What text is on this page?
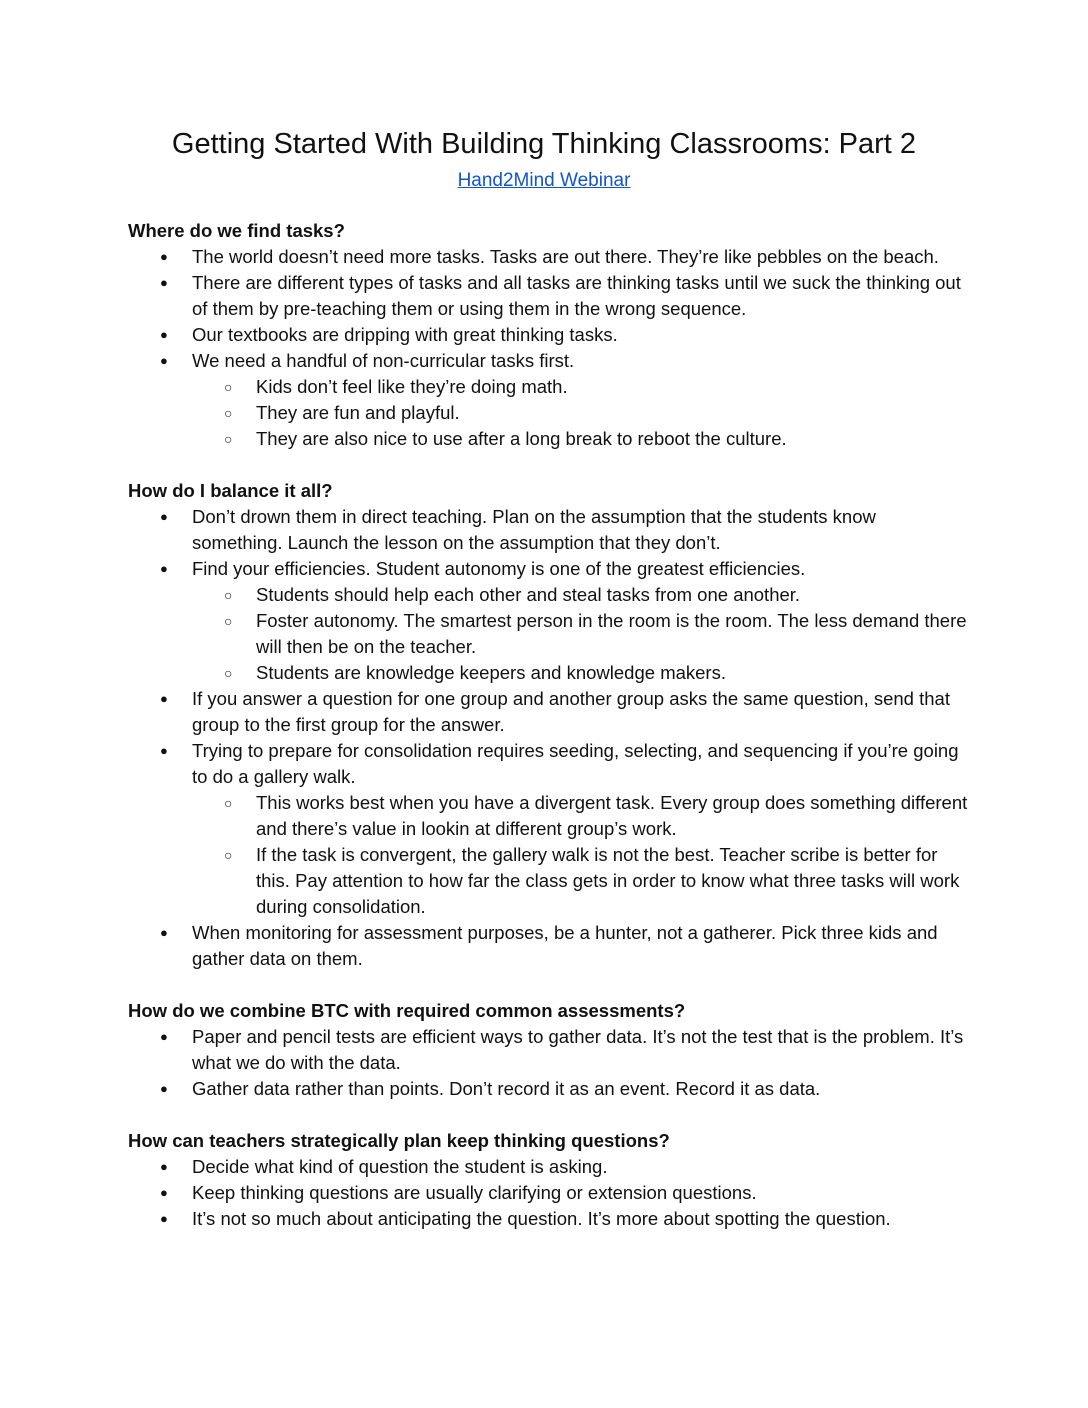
Getting Started With Building Thinking Classrooms: Part 2
Hand2Mind Webinar

Where do we find tasks?

● The world doesn’t need more tasks. Tasks are out there. They’re like pebbles on the beach.
● There are different types of tasks and all tasks are thinking tasks until we suck the thinking out of them by pre-teaching them or using them in the wrong sequence.
● Our textbooks are dripping with great thinking tasks.
● We need a handful of non-curricular tasks first.
○ Kids don’t feel like they’re doing math.
○ They are fun and playful.
○ They are also nice to use after a long break to reboot the culture.

How do I balance it all?

● Don’t drown them in direct teaching. Plan on the assumption that the students know something. Launch the lesson on the assumption that they don’t.
● Find your efficiencies. Student autonomy is one of the greatest efficiencies.
○ Students should help each other and steal tasks from one another.
○ Foster autonomy. The smartest person in the room is the room. The less demand there will then be on the teacher.
○ Students are knowledge keepers and knowledge makers.
● If you answer a question for one group and another group asks the same question, send that group to the first group for the answer.
● Trying to prepare for consolidation requires seeding, selecting, and sequencing if you’re going to do a gallery walk.
○ This works best when you have a divergent task. Every group does something different and there’s value in lookin at different group’s work.
○ If the task is convergent, the gallery walk is not the best. Teacher scribe is better for this. Pay attention to how far the class gets in order to know what three tasks will work during consolidation.
● When monitoring for assessment purposes, be a hunter, not a gatherer. Pick three kids and gather data on them.

How do we combine BTC with required common assessments?

● Paper and pencil tests are efficient ways to gather data. It’s not the test that is the problem. It’s what we do with the data.
● Gather data rather than points. Don’t record it as an event. Record it as data.

How can teachers strategically plan keep thinking questions?

● Decide what kind of question the student is asking.
● Keep thinking questions are usually clarifying or extension questions.
● It’s not so much about anticipating the question. It’s more about spotting the question.
